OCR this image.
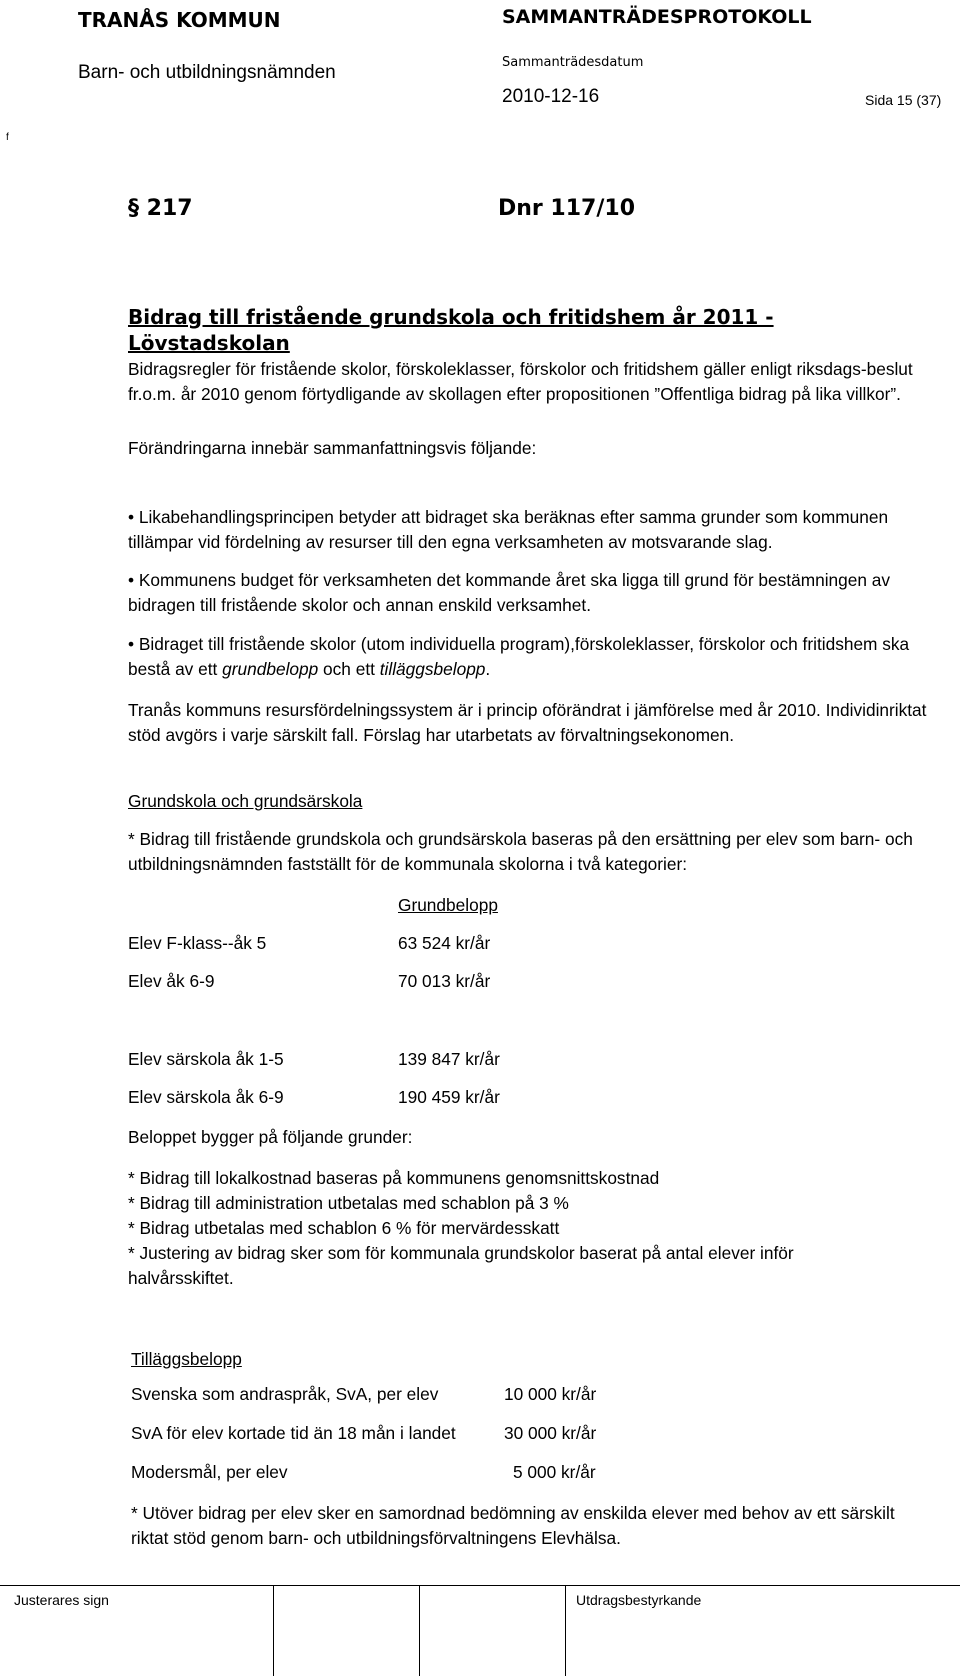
TRANÅS KOMMUN	SAMMANTRÄDESPROTOKOLL
Barn- och utbildningsnämnden	Sammanträdesdatum
2010-12-16	Sida 15 (37)
f
§ 217	Dnr 117/10
Bidrag till fristående grundskola och fritidshem år 2011 - Lövstadskolan
Bidragsregler för fristående skolor, förskoleklasser, förskolor och fritidshem gäller enligt riksdags-beslut fr.o.m. år 2010 genom förtydligande av skollagen efter propositionen ”Offentliga bidrag på lika villkor”.
Förändringarna innebär sammanfattningsvis följande:
• Likabehandlingsprincipen betyder att bidraget ska beräknas efter samma grunder som kommunen tillämpar vid fördelning av resurser till den egna verksamheten av motsvarande slag.
• Kommunens budget för verksamheten det kommande året ska ligga till grund för bestämningen av bidragen till fristående skolor och annan enskild verksamhet.
• Bidraget till fristående skolor (utom individuella program),förskoleklasser, förskolor och fritidshem ska bestå av ett grundbelopp och ett tilläggsbelopp.
Tranås kommuns resursfördelningssystem är i princip oförändrat i jämförelse med år 2010. Individinriktat stöd avgörs i varje särskilt fall. Förslag har utarbetats av förvaltningsekonomen.
Grundskola och grundsärskola
* Bidrag till fristående grundskola och grundsärskola baseras på den ersättning per elev som barn- och utbildningsnämnden fastställt för de kommunala skolorna i två kategorier:
Grundbelopp
Elev F-klass--åk 5	63 524 kr/år
Elev åk 6-9	70 013 kr/år
Elev särskola åk 1-5	139 847 kr/år
Elev särskola åk 6-9	190 459 kr/år
Beloppet bygger på följande grunder:
* Bidrag till lokalkostnad baseras på kommunens genomsnittskostnad
* Bidrag till administration utbetalas med schablon på 3 %
* Bidrag utbetalas med schablon 6 % för mervärdesskatt
* Justering av bidrag sker som för kommunala grundskolor baserat på antal elever inför halvårsskiftet.
Tilläggsbelopp
Svenska som andraspråk, SvA, per elev	10 000 kr/år
SvA för elev kortade tid än 18 mån i landet	30 000 kr/år
Modersmål, per elev	5 000 kr/år
* Utöver bidrag per elev sker en samordnad bedömning av enskilda elever med behov av ett särskilt riktat stöd genom barn- och utbildningsförvaltningens Elevhälsa.
Justerares sign	Utdragsbestyrkande
